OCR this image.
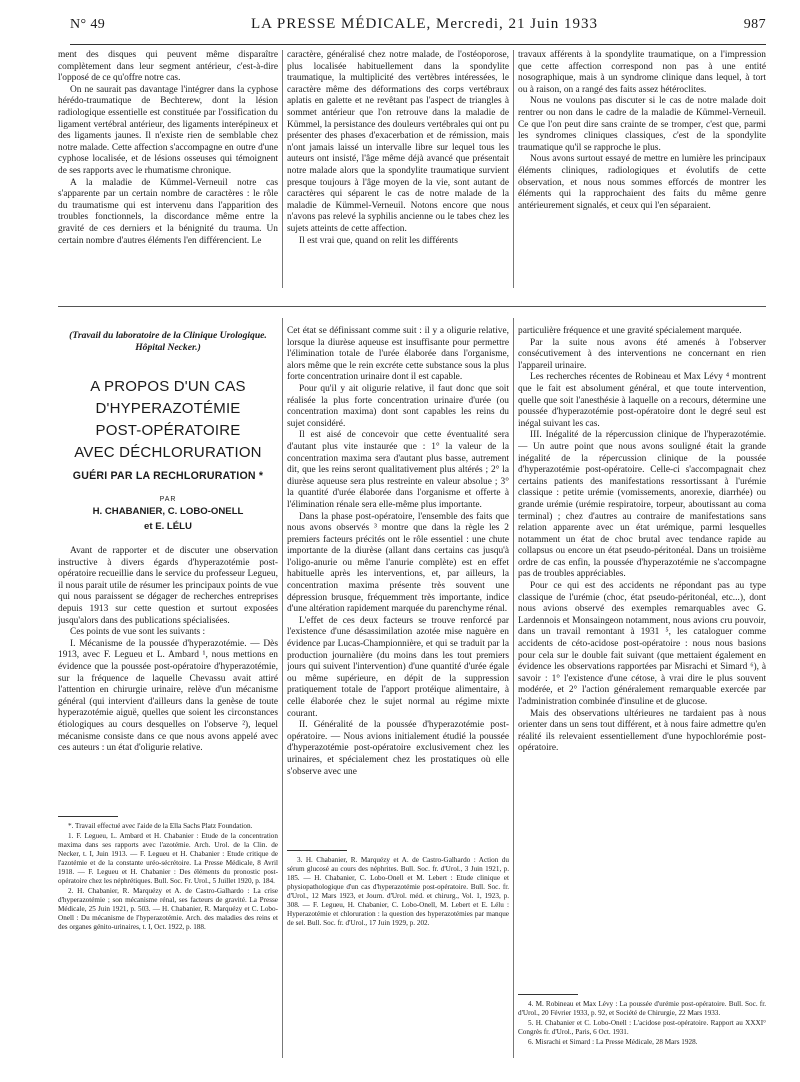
N° 49	LA PRESSE MÉDICALE, Mercredi, 21 Juin 1933	987

ment des disques qui peuvent même disparaître complètement dans leur segment antérieur, c'est-à-dire l'opposé de ce qu'offre notre cas.

On ne saurait pas davantage l'intégrer dans la cyphose hérédo-traumatique de Bechterew, dont la lésion radiologique essentielle est constituée par l'ossification du ligament vertébral antérieur, des ligaments interépineux et des ligaments jaunes. Il n'existe rien de semblable chez notre malade. Cette affection s'accompagne en outre d'une cyphose localisée, et de lésions osseuses qui témoignent de ses rapports avec le rhumatisme chronique.

A la maladie de Kümmel-Verneuil notre cas s'apparente par un certain nombre de caractères : le rôle du traumatisme qui est intervenu dans l'apparition des troubles fonctionnels, la discordance même entre la gravité de ces derniers et la bénignité du trauma. Un certain nombre d'autres éléments l'en différencient. Le

caractère, généralisé chez notre malade, de l'ostéoporose, plus localisée habituellement dans la spondylite traumatique, la multiplicité des vertèbres intéressées, le caractère même des déformations des corps vertébraux aplatis en galette et ne revêtant pas l'aspect de triangles à sommet antérieur que l'on retrouve dans la maladie de Kümmel, la persistance des douleurs vertébrales qui ont pu présenter des phases d'exacerbation et de rémission, mais n'ont jamais laissé un intervalle libre sur lequel tous les auteurs ont insisté, l'âge même déjà avancé que présentait notre malade alors que la spondylite traumatique survient presque toujours à l'âge moyen de la vie, sont autant de caractères qui séparent le cas de notre malade de la maladie de Kümmel-Verneuil. Notons encore que nous n'avons pas relevé la syphilis ancienne ou le tabes chez les sujets atteints de cette affection.

Il est vrai que, quand on relit les différents

travaux afférents à la spondylite traumatique, on a l'impression que cette affection correspond non pas à une entité nosographique, mais à un syndrome clinique dans lequel, à tort ou à raison, on a rangé des faits assez hétéroclites.

Nous ne voulons pas discuter si le cas de notre malade doit rentrer ou non dans le cadre de la maladie de Kümmel-Verneuil. Ce que l'on peut dire sans crainte de se tromper, c'est que, parmi les syndromes cliniques classiques, c'est de la spondylite traumatique qu'il se rapproche le plus.

Nous avons surtout essayé de mettre en lumière les principaux éléments cliniques, radiologiques et évolutifs de cette observation, et nous nous sommes efforcés de montrer les éléments qui la rapprochaient des faits du même genre antérieurement signalés, et ceux qui l'en séparaient.

(Travail du laboratoire de la Clinique Urologique. Hôpital Necker.)
A PROPOS D'UN CAS
D'HYPERAZOTÉMIE
POST-OPÉRATOIRE
AVEC DÉCHLORURATION
GUÉRI PAR LA RECHLORURATION *
PAR
H. CHABANIER, C. LOBO-ONELL
et E. LÉLU

Avant de rapporter et de discuter une observation instructive à divers égards d'hyperazotémie post-opératoire recueillie dans le service du professeur Legueu, il nous parait utile de résumer les principaux points de vue qui nous paraissent se dégager de recherches entreprises depuis 1913 sur cette question et surtout exposées jusqu'alors dans des publications spécialisées.

Ces points de vue sont les suivants :

I. Mécanisme de la poussée d'hyperazotémie. — Dès 1913, avec F. Legueu et L. Ambard ¹, nous mettions en évidence que la poussée post-opératoire d'hyperazotémie, sur la fréquence de laquelle Chevassu avait attiré l'attention en chirurgie urinaire, relève d'un mécanisme général (qui intervient d'ailleurs dans la genèse de toute hyperazotémie aiguë, quelles que soient les circonstances étiologiques au cours desquelles on l'observe ²), lequel mécanisme consiste dans ce que nous avons appelé avec ces auteurs : un état d'oligurie relative.

Cet état se définissant comme suit : il y a oligurie relative, lorsque la diurèse aqueuse est insuffisante pour permettre l'élimination totale de l'urée élaborée dans l'organisme, alors même que le rein excréte cette substance sous la plus forte concentration urinaire dont il est capable.

Pour qu'il y ait oligurie relative, il faut donc que soit réalisée la plus forte concentration urinaire d'urée (ou concentration maxima) dont sont capables les reins du sujet considéré.

Il est aisé de concevoir que cette éventualité sera d'autant plus vite instaurée que : 1° la valeur de la concentration maxima sera d'autant plus basse, autrement dit, que les reins seront qualitativement plus altérés ; 2° la diurèse aqueuse sera plus restreinte en valeur absolue ; 3° la quantité d'urée élaborée dans l'organisme et offerte à l'élimination rénale sera elle-même plus importante.

Dans la phase post-opératoire, l'ensemble des faits que nous avons observés ³ montre que dans la règle les 2 premiers facteurs précités ont le rôle essentiel : une chute importante de la diurèse (allant dans certains cas jusqu'à l'oligo-anurie ou même l'anurie complète) est en effet habituelle après les interventions, et, par ailleurs, la concentration maxima présente très souvent une dépression brusque, fréquemment très importante, indice d'une altération rapidement marquée du parenchyme rénal.

L'effet de ces deux facteurs se trouve renforcé par l'existence d'une désassimilation azotée mise naguère en évidence par Lucas-Championnière, et qui se traduit par la production journalière (du moins dans les tout premiers jours qui suivent l'intervention) d'une quantité d'urée égale ou même supérieure, en dépit de la suppression pratiquement totale de l'apport protéique alimentaire, à celle élaborée chez le sujet normal au régime mixte courant.

II. Généralité de la poussée d'hyperazotémie post-opératoire. — Nous avions initialement étudié la poussée d'hyperazotémie post-opératoire exclusivement chez les urinaires, et spécialement chez les prostatiques où elle s'observe avec une

particulière fréquence et une gravité spécialement marquée.

Par la suite nous avons été amenés à l'observer consécutivement à des interventions ne concernant en rien l'appareil urinaire.

Les recherches récentes de Robineau et Max Lévy ⁴ montrent que le fait est absolument général, et que toute intervention, quelle que soit l'anesthésie à laquelle on a recours, détermine une poussée d'hyperazotémie post-opératoire dont le degré seul est inégal suivant les cas.

III. Inégalité de la répercussion clinique de l'hyperazotémie. — Un autre point que nous avons souligné était la grande inégalité de la répercussion clinique de la poussée d'hyperazotémie post-opératoire. Celle-ci s'accompagnait chez certains patients des manifestations ressortissant à l'urémie classique : petite urémie (vomissements, anorexie, diarrhée) ou grande urémie (urémie respiratoire, torpeur, aboutissant au coma terminal) ; chez d'autres au contraire de manifestations sans relation apparente avec un état urémique, parmi lesquelles notamment un état de choc brutal avec tendance rapide au collapsus ou encore un état pseudo-péritonéal. Dans un troisième ordre de cas enfin, la poussée d'hyperazotémie ne s'accompagne pas de troubles appréciables.

Pour ce qui est des accidents ne répondant pas au type classique de l'urémie (choc, état pseudo-péritonéal, etc...), dont nous avions observé des exemples remarquables avec G. Lardennois et Monsaingeon notamment, nous avions cru pouvoir, dans un travail remontant à 1931 ⁵, les cataloguer comme accidents de céto-acidose post-opératoire : nous nous basions pour cela sur le double fait suivant (que mettaient également en évidence les observations rapportées par Misrachi et Simard ⁶), à savoir : 1° l'existence d'une cétose, à vrai dire le plus souvent modérée, et 2° l'action généralement remarquable exercée par l'administration combinée d'insuline et de glucose.

Mais des observations ultérieures ne tardaient pas à nous orienter dans un sens tout différent, et à nous faire admettre qu'en réalité ils relevaient essentiellement d'une hypochlorémie post-opératoire.

*. Travail effectué avec l'aide de la Ella Sachs Platz Foundation.

1. F. Legueu, L. Ambard et H. Chabanier : Etude de la concentration maxima dans ses rapports avec l'azotémie. Arch. Urol. de la Clin. de Necker, t. I, Juin 1913. — F. Legueu et H. Chabanier : Etude critique de l'azotémie et de la constante uréo-sécrétoire. La Presse Médicale, 8 Avril 1918. — F. Legueu et H. Chabanier : Des éléments du pronostic post-opératoire chez les néphrétiques. Bull. Soc. Fr. Urol., 5 Juillet 1920, p. 184.

2. H. Chabanier, R. Marquézy et A. de Castro-Galhardo : La crise d'hyperazotémie ; son mécanisme rénal, ses facteurs de gravité. La Presse Médicale, 25 Juin 1921, p. 503. — H. Chabanier, R. Marquézy et C. Lobo-Onell : Du mécanisme de l'hyperazotémie. Arch. des maladies des reins et des organes génito-urinaires, t. I, Oct. 1922, p. 188.

3. H. Chabanier, R. Marquézy et A. de Castro-Galhardo : Action du sérum glucosé au cours des néphrites. Bull. Soc. fr. d'Urol., 3 Juin 1921, p. 185. — H. Chabanier, C. Lobo-Onell et M. Lebert : Etude clinique et physiopathologique d'un cas d'hyperazotémie post-opératoire. Bull. Soc. fr. d'Urol., 12 Mars 1923, et Journ. d'Urol. méd. et chirurg., Vol. 1, 1923, p. 308. — F. Legueu, H. Chabanier, C. Lobo-Onell, M. Lebert et E. Lélu : Hyperazotémie et chloruration : la question des hyperazotémies par manque de sel. Bull. Soc. fr. d'Urol., 17 Juin 1929, p. 202.

4. M. Robineau et Max Lévy : La poussée d'urémie post-opératoire. Bull. Soc. fr. d'Urol., 20 Février 1933, p. 92, et Société de Chirurgie, 22 Mars 1933.

5. H. Chabanier et C. Lobo-Onell : L'acidose post-opératoire. Rapport au XXXI° Congrès fr. d'Urol., Paris, 6 Oct. 1931.

6. Misrachi et Simard : La Presse Médicale, 28 Mars 1928.
